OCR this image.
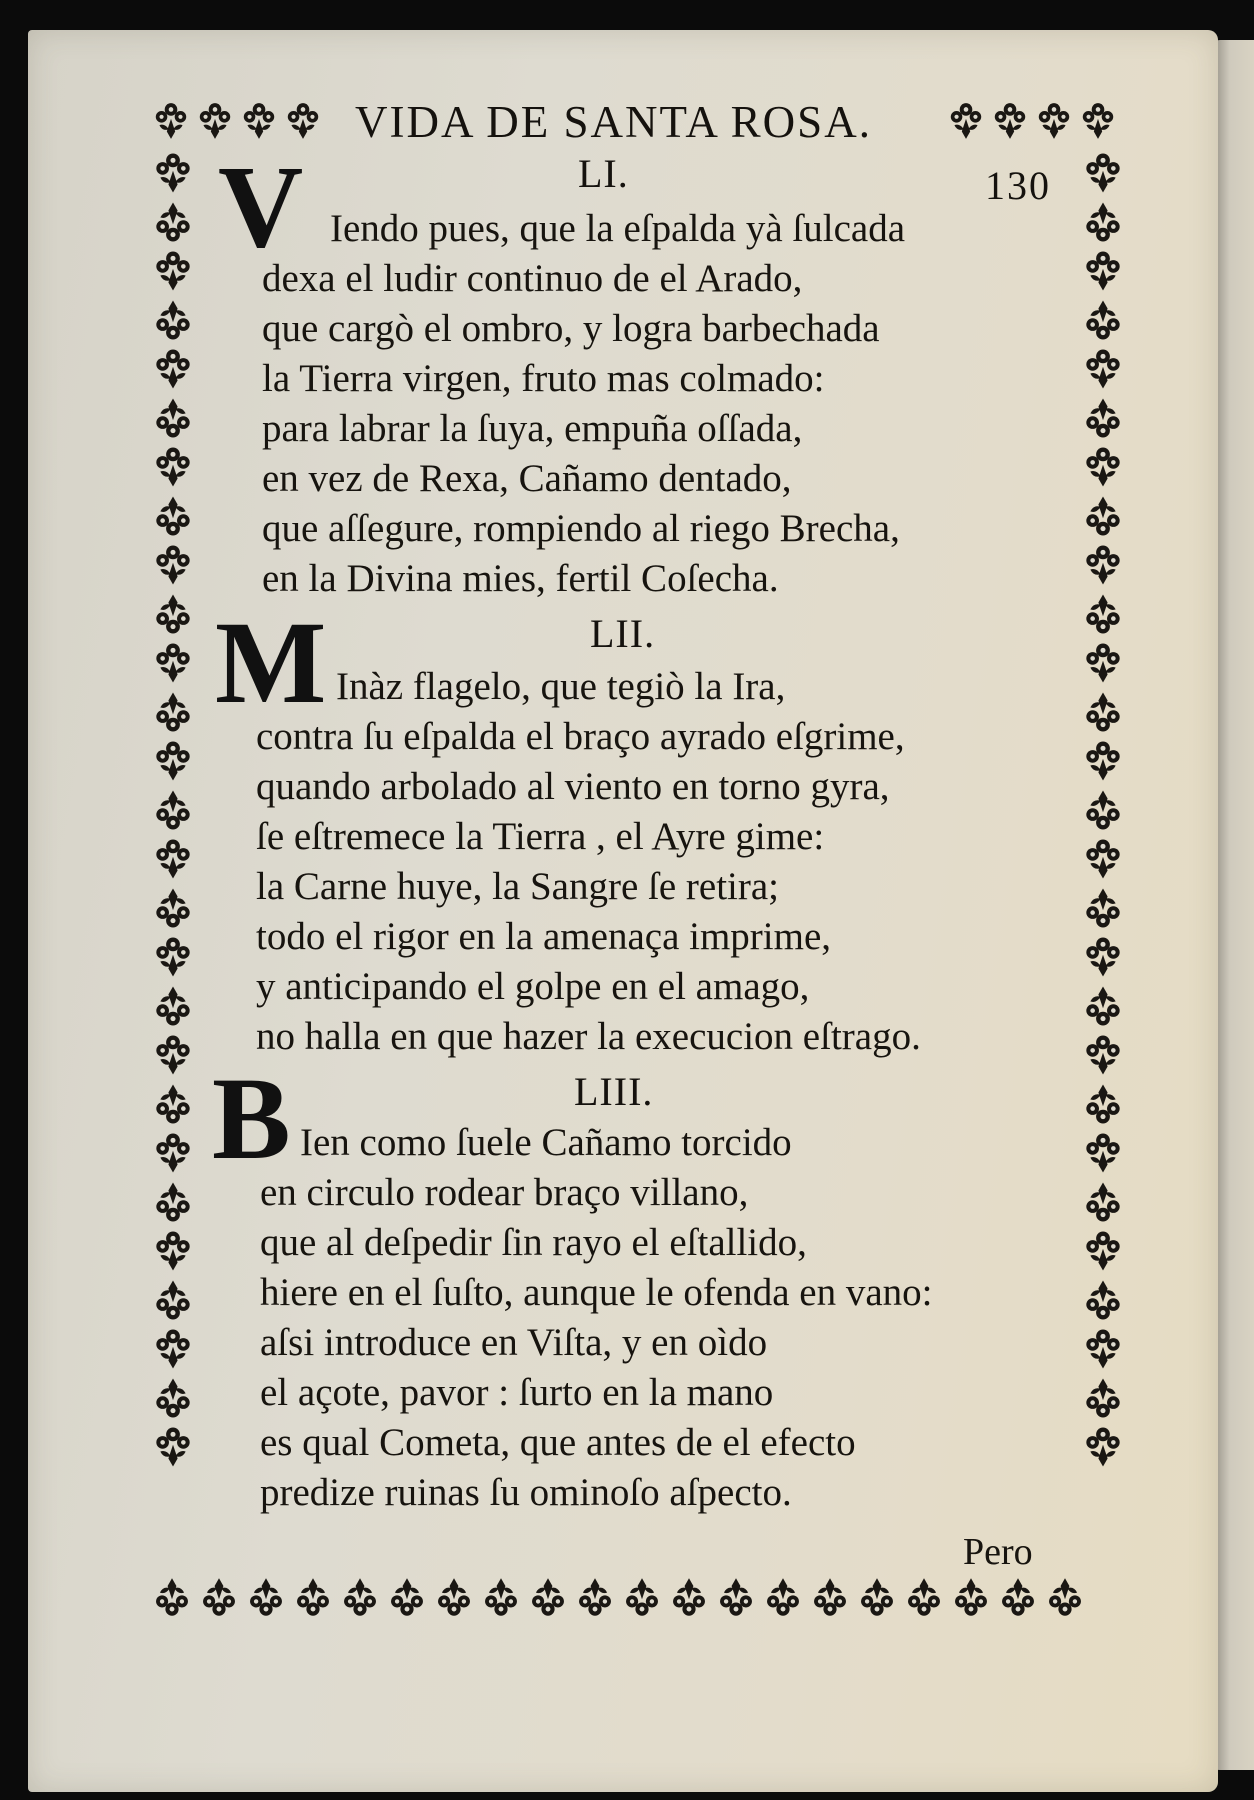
VIDA DE SANTA ROSA.
130
LI.
V Iendo pues, que la eſpalda yà ſulcada
dexa el ludir continuo de el Arado,
que cargò el ombro, y logra barbechada
la Tierra virgen, fruto mas colmado:
para labrar la ſuya, empuña oſſada,
en vez de Rexa, Cañamo dentado,
que aſſegure, rompiendo al riego Brecha,
en la Divina mies, fertil Coſecha.
LII.
M Inàz flagelo, que tegiò la Ira,
contra ſu eſpalda el braço ayrado eſgrime,
quando arbolado al viento en torno gyra,
ſe eſtremece la Tierra , el Ayre gime:
la Carne huye, la Sangre ſe retira;
todo el rigor en la amenaça imprime,
y anticipando el golpe en el amago,
no halla en que hazer la execucion eſtrago.
LIII.
B Ien como ſuele Cañamo torcido
en circulo rodear braço villano,
que al deſpedir ſin rayo el eſtallido,
hiere en el ſuſto, aunque le ofenda en vano:
aſsi introduce en Viſta, y en oìdo
el açote, pavor : ſurto en la mano
es qual Cometa, que antes de el efecto
predize ruinas ſu ominoſo aſpecto.
Pero
